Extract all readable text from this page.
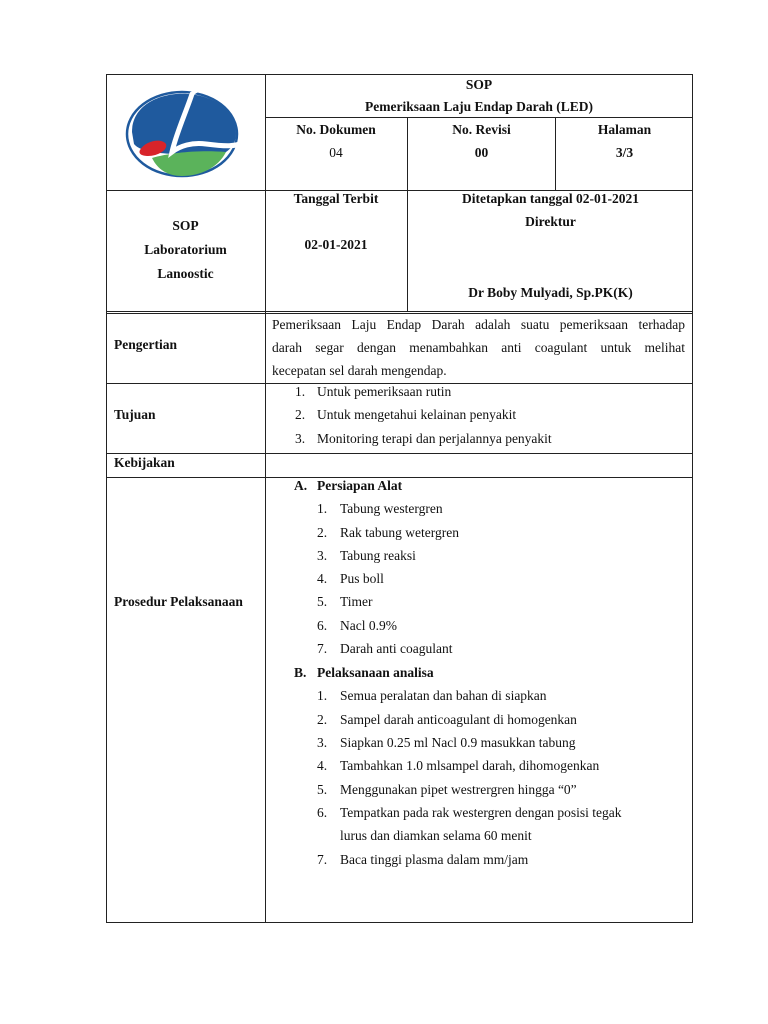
SOP
Pemeriksaan Laju Endap Darah (LED)
No. Dokumen
04
No. Revisi
00
Halaman
3/3
SOP
Laboratorium
Lanoostic
Tanggal Terbit
02-01-2021
Ditetapkan tanggal 02-01-2021
Direktur
Dr Boby Mulyadi, Sp.PK(K)
Pengertian
Pemeriksaan Laju Endap Darah adalah suatu pemeriksaan terhadap
darah segar dengan menambahkan anti coagulant untuk melihat
kecepatan sel darah mengendap.
Tujuan
1. Untuk pemeriksaan rutin
2. Untuk mengetahui kelainan penyakit
3. Monitoring terapi dan perjalannya penyakit
Kebijakan
Prosedur Pelaksanaan
A. Persiapan Alat
1. Tabung westergren
2. Rak tabung wetergren
3. Tabung reaksi
4. Pus boll
5. Timer
6. Nacl 0.9%
7. Darah anti coagulant
B. Pelaksanaan analisa
1. Semua peralatan dan bahan di siapkan
2. Sampel darah anticoagulant di homogenkan
3. Siapkan 0.25 ml Nacl 0.9 masukkan tabung
4. Tambahkan 1.0 mlsampel darah, dihomogenkan
5. Menggunakan pipet westrergren hingga “0”
6. Tempatkan pada rak westergren dengan posisi tegak
lurus dan diamkan selama 60 menit
7. Baca tinggi plasma dalam mm/jam
